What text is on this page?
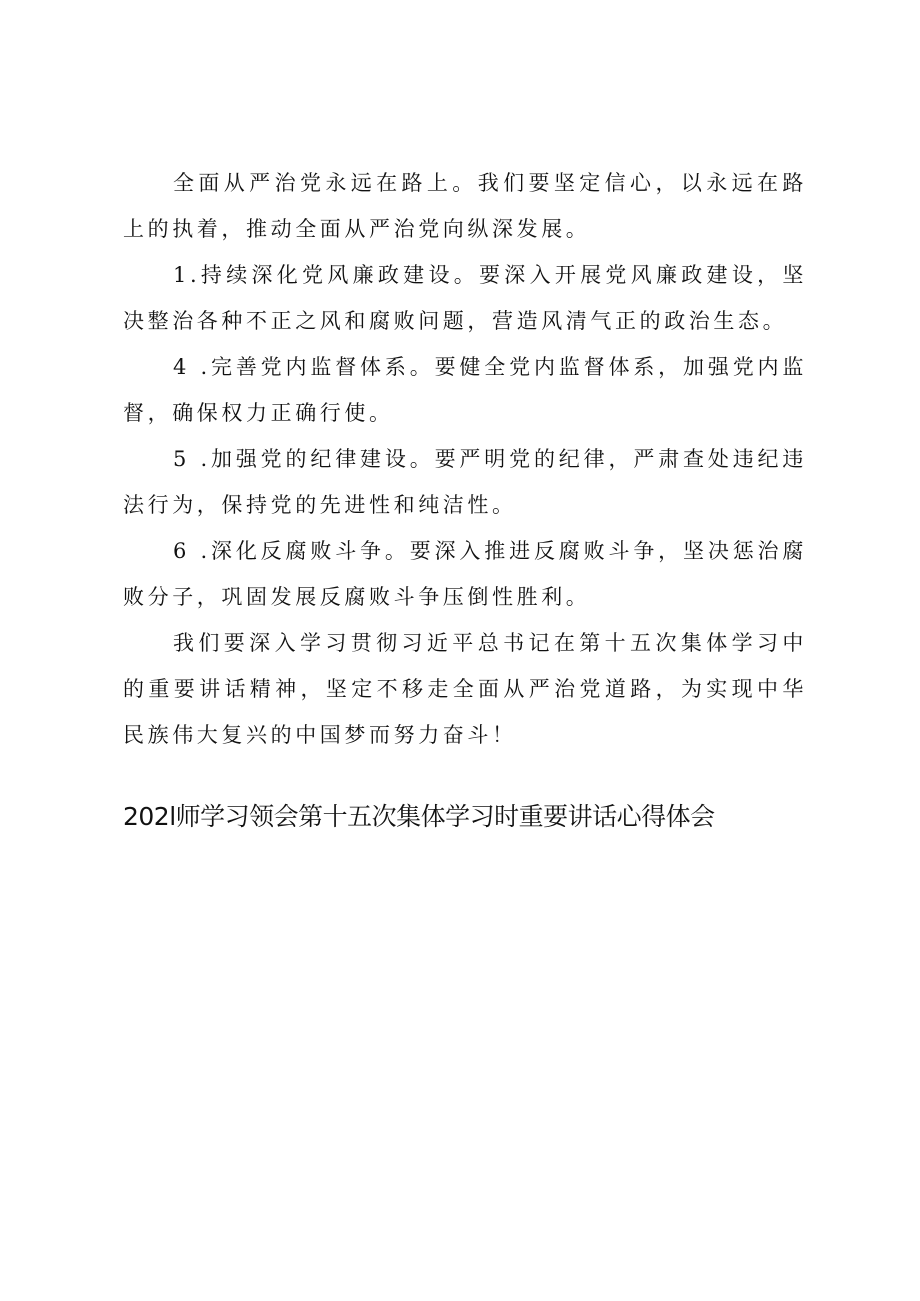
全面从严治党永远在路上。我们要坚定信心，以永远在路上的执着，推动全面从严治党向纵深发展。

1.持续深化党风廉政建设。要深入开展党风廉政建设，坚决整治各种不正之风和腐败问题，营造风清气正的政治生态。

4 .完善党内监督体系。要健全党内监督体系，加强党内监督，确保权力正确行使。

5 .加强党的纪律建设。要严明党的纪律，严肃查处违纪违法行为，保持党的先进性和纯洁性。

6 .深化反腐败斗争。要深入推进反腐败斗争，坚决惩治腐败分子，巩固发展反腐败斗争压倒性胜利。

我们要深入学习贯彻习近平总书记在第十五次集体学习中的重要讲话精神，坚定不移走全面从严治党道路，为实现中华民族伟大复兴的中国梦而努力奋斗！

202l师学习领会第十五次集体学习时重要讲话心得体会
